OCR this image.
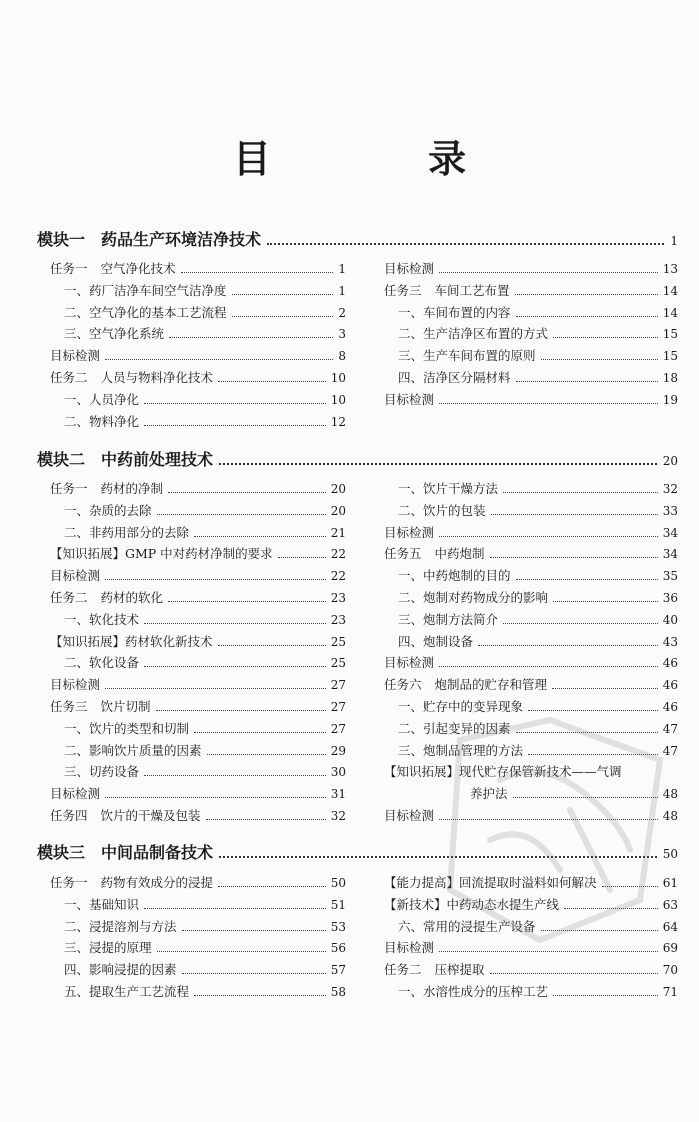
目 录
模块一 药品生产环境洁净技术	1
任务一 空气净化技术	1
一、药厂洁净车间空气洁净度	1
二、空气净化的基本工艺流程	2
三、空气净化系统	3
目标检测	8
任务二 人员与物料净化技术	10
一、人员净化	10
二、物料净化	12
目标检测	13
任务三 车间工艺布置	14
一、车间布置的内容	14
二、生产洁净区布置的方式	15
三、生产车间布置的原则	15
四、洁净区分隔材料	18
目标检测	19
模块二 中药前处理技术	20
任务一 药材的净制	20
一、杂质的去除	20
二、非药用部分的去除	21
【知识拓展】GMP 中对药材净制的要求	22
目标检测	22
任务二 药材的软化	23
一、软化技术	23
【知识拓展】药材软化新技术	25
二、软化设备	25
目标检测	27
任务三 饮片切制	27
一、饮片的类型和切制	27
二、影响饮片质量的因素	29
三、切药设备	30
目标检测	31
任务四 饮片的干燥及包装	32
一、饮片干燥方法	32
二、饮片的包装	33
目标检测	34
任务五 中药炮制	34
一、中药炮制的目的	35
二、炮制对药物成分的影响	36
三、炮制方法简介	40
四、炮制设备	43
目标检测	46
任务六 炮制品的贮存和管理	46
一、贮存中的变异现象	46
二、引起变异的因素	47
三、炮制品管理的方法	47
【知识拓展】现代贮存保管新技术——气调
养护法	48
目标检测	48
模块三 中间品制备技术	50
任务一 药物有效成分的浸提	50
一、基础知识	51
二、浸提溶剂与方法	53
三、浸提的原理	56
四、影响浸提的因素	57
五、提取生产工艺流程	58
【能力提高】回流提取时溢料如何解决	61
【新技术】中药动态水提生产线	63
六、常用的浸提生产设备	64
目标检测	69
任务二 压榨提取	70
一、水溶性成分的压榨工艺	71
